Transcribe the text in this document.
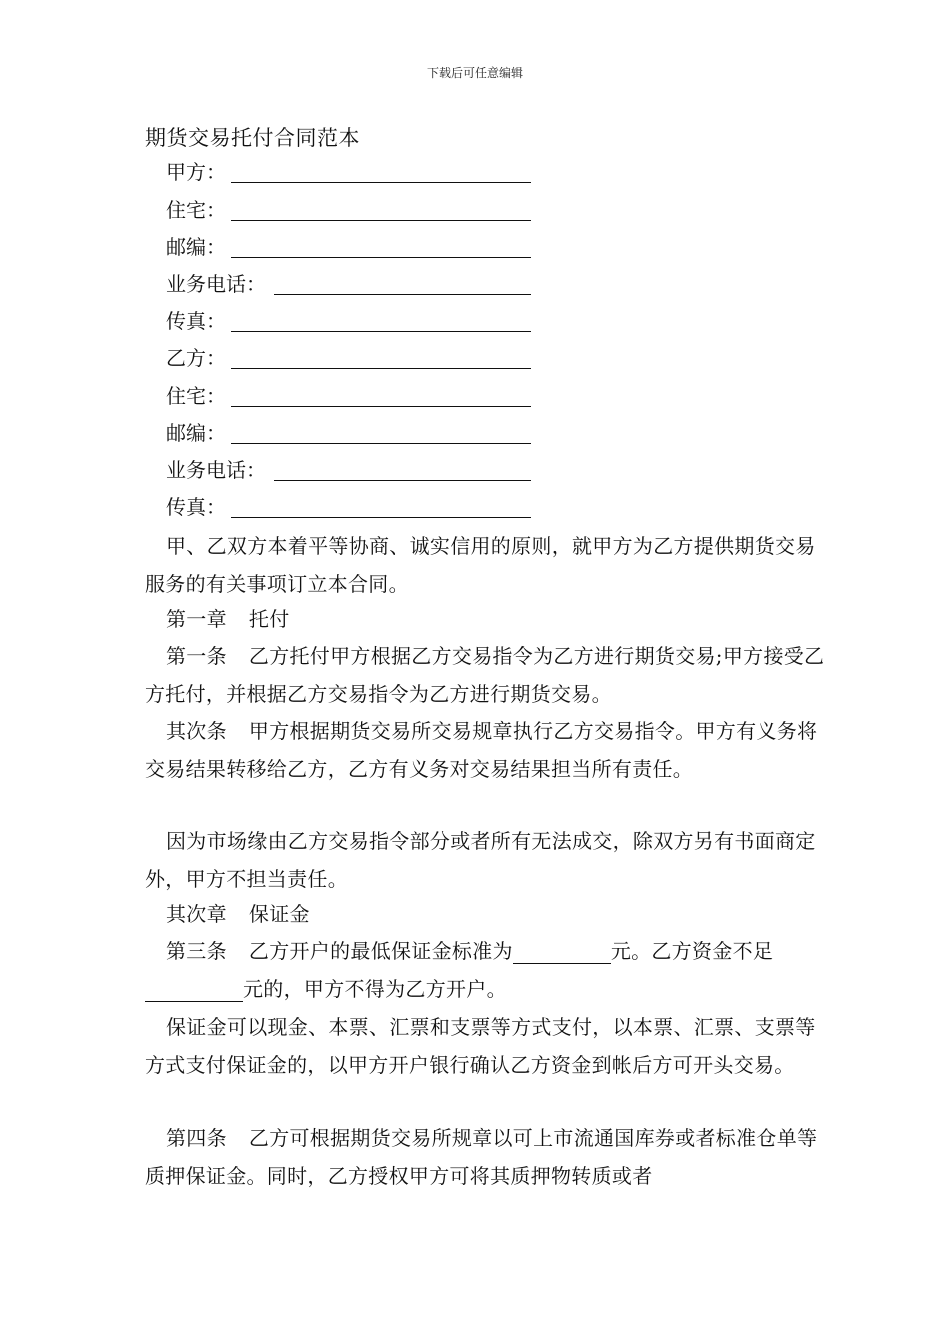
下载后可任意编辑
期货交易托付合同范本
甲方：
住宅：
邮编：
业务电话：
传真：
乙方：
住宅：
邮编：
业务电话：
传真：

甲、乙双方本着平等协商、诚实信用的原则，就甲方为乙方提供期货交易服务的有关事项订立本合同。

第一章 托付

第一条 乙方托付甲方根据乙方交易指令为乙方进行期货交易;甲方接受乙方托付，并根据乙方交易指令为乙方进行期货交易。

其次条 甲方根据期货交易所交易规章执行乙方交易指令。甲方有义务将交易结果转移给乙方，乙方有义务对交易结果担当所有责任。

因为市场缘由乙方交易指令部分或者所有无法成交，除双方另有书面商定外，甲方不担当责任。

其次章 保证金

第三条 乙方开户的最低保证金标准为	元。乙方资金不足元的，甲方不得为乙方开户。

保证金可以现金、本票、汇票和支票等方式支付，以本票、汇票、支票等方式支付保证金的，以甲方开户银行确认乙方资金到帐后方可开头交易。

第四条 乙方可根据期货交易所规章以可上市流通国库券或者标准仓单等质押保证金。同时，乙方授权甲方可将其质押物转质或者
